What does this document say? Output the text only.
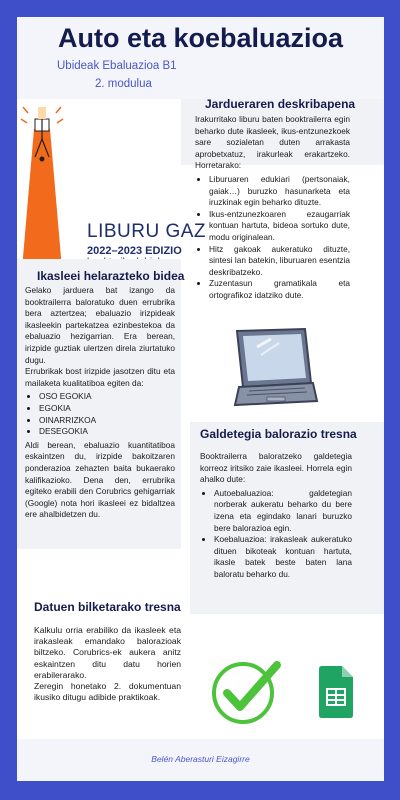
Auto eta koebaluazioa
Ubideak Ebaluazioa B1
2. modulua
LIBURU GAZ
2022–2023 EDIZIO
Jardueraren deskribapena

Irakurritako liburu baten booktrailerra egin beharko dute ikasleek, ikus-entzunezkoek sare sozialetan duten arrakasta aprobetxatuz, irakurleak erakartzeko. Horretarako:

• Liburuaren edukiari (pertsonaiak, gaiak…) buruzko hasunarketa eta iruzkinak egin beharko dituzte.
• Ikus-entzunezkoaren ezaugarriak kontuan hartuta, bideoa sortuko dute, modu originalean.
• Hitz gakoak aukeratuko dituzte, sintesi lan batekin, liburuaren esentzia deskribatzeko.
• Zuzentasun gramatikala eta ortografikoz idatziko dute.
Ikasleei helarazteko bidea

Gelako jarduera bat izango da booktrailerra baloratuko duen errubrika bera aztertzea; ebaluazio irizpideak ikasleekin partekatzea ezinbestekoa da ebaluazio hezigarrian. Era berean, irizpide guztiak ulertzen direla ziurtatuko dugu.

Errubrikak bost irizpide jasotzen ditu eta mailaketa kualitatiboa egiten da:

• OSO EGOKIA
• EGOKIA
• OINARRIZKOA
• DESEGOKIA

Aldi berean, ebaluazio kuantitatiboa eskaintzen du, irizpide bakoitzaren ponderazioa zehazten baita bukaerako kalifikazioko. Dena den, errubrika egiteko erabili den Corubrics gehigarriak (Google) nota hori ikasleei ez bidaltzea ere ahalbidetzen du.

Galdetegia balorazio tresna

Booktrailerra baloratzeko galdetegia korreoz iritsiko zaie ikasleei. Horrela egin ahalko dute:

• Autoebaluazioa: galdetegian norberak aukeratu beharko du bere izena eta egindako lanari buruzko bere balorazioa egin.
• Koebaluazioa: irakasleak aukeratuko dituen bikoteak kontuan hartuta, ikasle batek beste baten lana baloratu beharko du.
Datuen bilketarako tresna

Kalkulu orria erabiliko da ikasleek eta irakasleak emandako balorazioak biltzeko. Corubrics-ek aukera anitz eskaintzen ditu datu horien erabilerarako.

Zeregin honetako 2. dokumentuan ikusiko ditugu adibide praktikoak.

Belén Aberasturi Eizagirre
